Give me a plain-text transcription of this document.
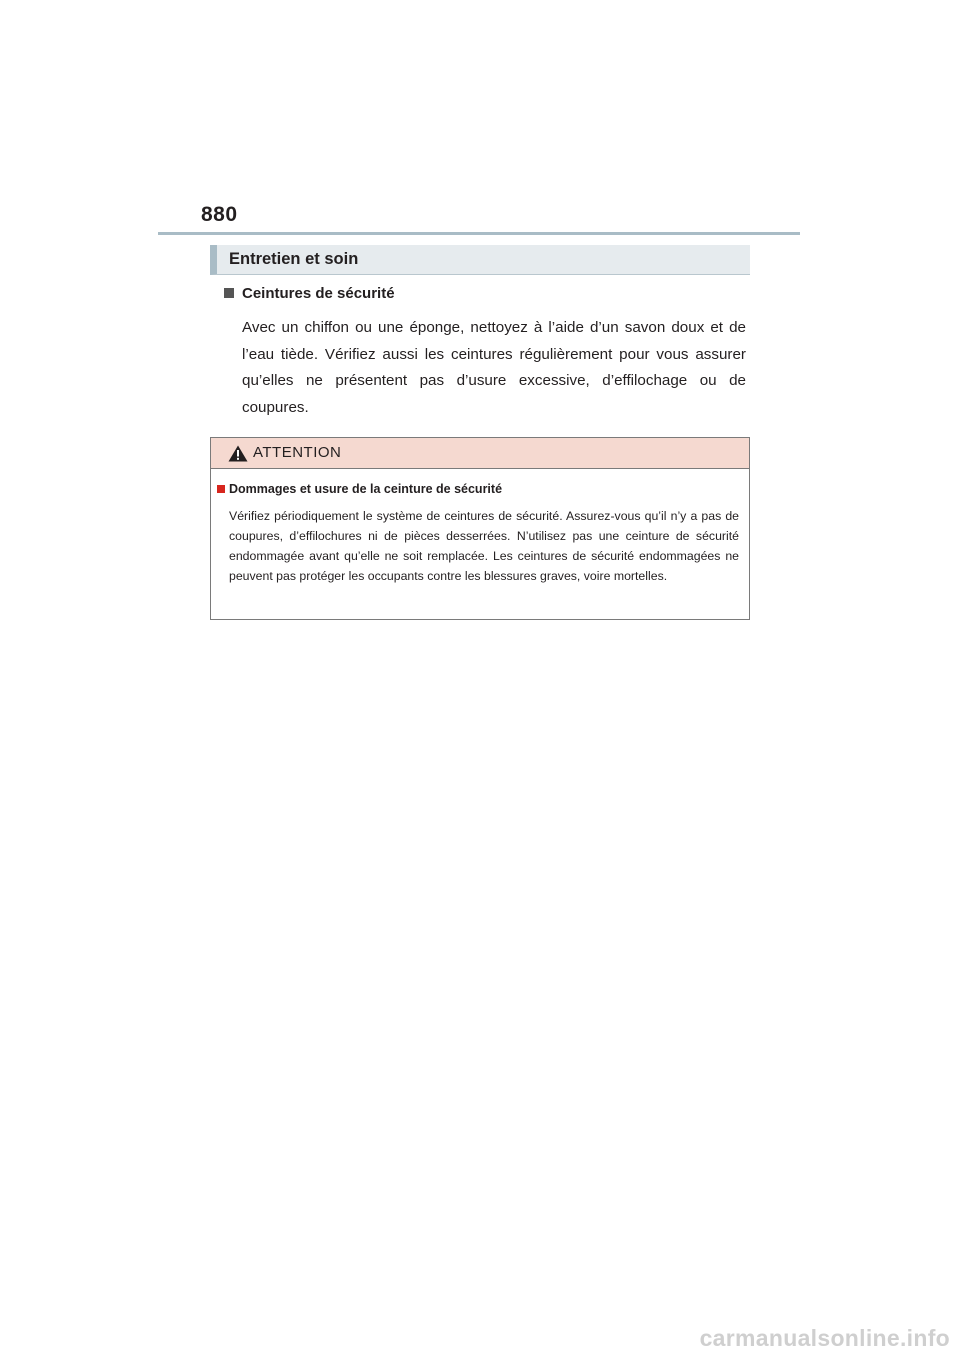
880
Entretien et soin
Ceintures de sécurité
Avec un chiffon ou une éponge, nettoyez à l’aide d’un savon doux et de l’eau tiède. Vérifiez aussi les ceintures régulièrement pour vous assurer qu’elles ne présentent pas d’usure excessive, d’effilochage ou de coupures.
ATTENTION
Dommages et usure de la ceinture de sécurité
Vérifiez périodiquement le système de ceintures de sécurité. Assurez-vous qu’il n’y a pas de coupures, d’effilochures ni de pièces desserrées. N’utilisez pas une ceinture de sécurité endommagée avant qu’elle ne soit remplacée. Les ceintures de sécurité endommagées ne peuvent pas protéger les occupants contre les blessures graves, voire mortelles.
carmanualsonline.info
